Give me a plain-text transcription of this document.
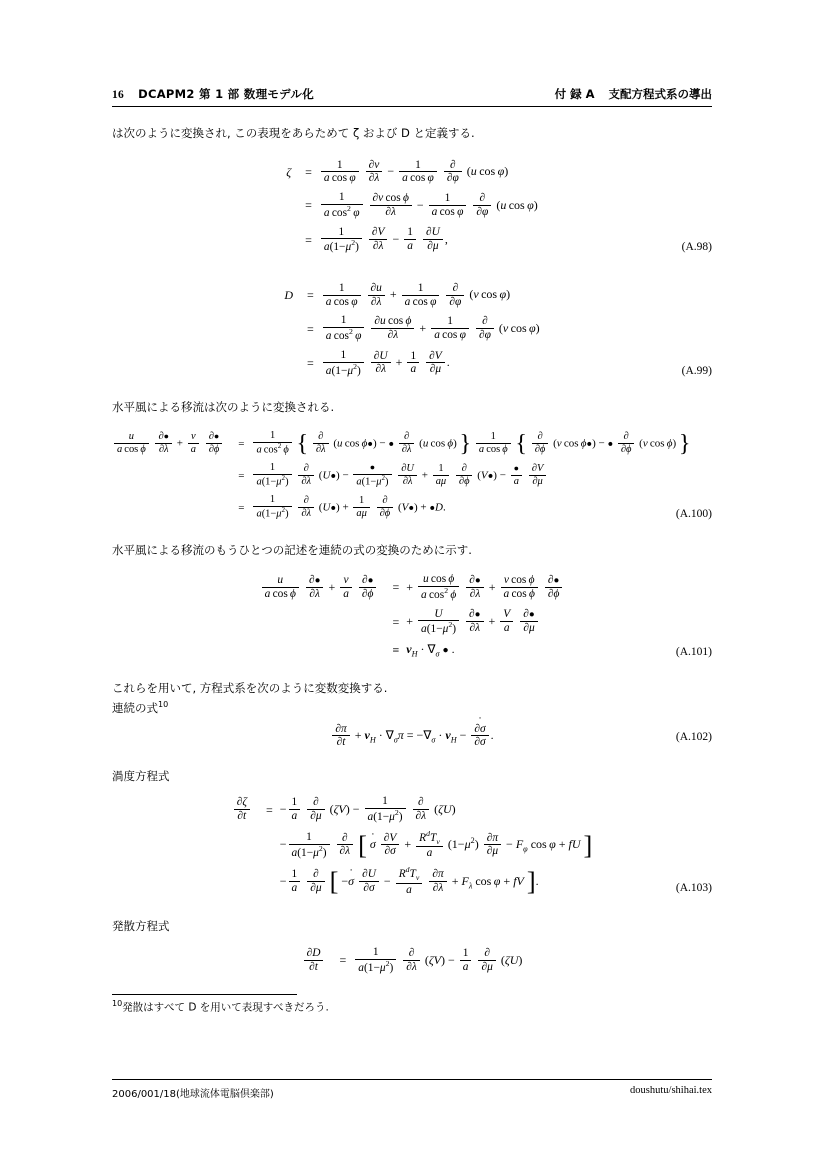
16 DCAPM2 第 1 部 数理モデル化	付 録 A 支配方程式系の導出
は次のように変換され, この表現をあらためて ζ および D と定義する.
ζ	=	$\frac{1}{\text{a cos φ}}$
$\frac{\partial v}{\partial\lambda} - \frac{1}{\text{a cos φ}}$
$\frac{\partial}{\partial\varphi} (u$ cos φ)
	=	$\frac{1}{a \cos^2 \varphi}$
$\frac{\text{∂v cos ϕ}}{\partial\lambda} - \frac{1}{\text{a cos φ}}$
$\frac{\partial}{\partial\varphi} (u$ cos φ)
	=	$\frac{1}{a(1-\mu^2)}$
$\frac{\partial V}{\partial\lambda} - \frac{1}{a}$
$\frac{\partial U}{\partial\mu}$ ,
(A.98)
D	=	$\frac{1}{\text{a cos φ}}$
$\frac{\partial u}{\partial\lambda} + \frac{1}{\text{a cos φ}}$
$\frac{\partial}{\partial\varphi} (v$ cos φ)
	=	$\frac{1}{a \cos^2 \varphi}$
$\frac{\text{∂u cos ϕ}}{\partial\lambda} + \frac{1}{\text{a cos φ}}$
$\frac{\partial}{\partial\varphi} (v$ cos φ)
	=	$\frac{1}{a(1-\mu^2)}$
$\frac{\partial U}{\partial\lambda} + \frac{1}{a}$
$\frac{\partial V}{\partial\mu}$ .
(A.99)
水平風による移流は次のように変換される.
$\frac{u}{\text{a cos ϕ}}$
$\frac{\partial●}{\partial\lambda} + \frac{v}{a}$
$\frac{\partial●}{\partial\phi}$	=	$\frac{1}{a \cos^2 \phi}$ { $\frac{\partial}{\partial\lambda} (u$ cos ϕ●) − ● $\frac{\partial}{\partial\lambda} (u$ cos ϕ) } $\frac{1}{\text{a cos ϕ}}$ { $\frac{\partial}{\partial\phi} (v$ cos ϕ●) − ● $\frac{\partial}{\partial\phi} (v$ cos ϕ) }
	=	$\frac{1}{a(1-\mu^2)}$
$\frac{\partial}{\partial\lambda}$ (U●) − $\frac{●}{a(1-\mu^2)}$
$\frac{\partial U}{\partial\lambda} + \frac{1}{a\mu}$
$\frac{\partial}{\partial\phi}$ (V●) − $\frac{●}{a}$
$\frac{\partial V}{\partial\mu}$

	=	$\frac{1}{a(1-\mu^2)}$
$\frac{\partial}{\partial\lambda}$ (U●) + $\frac{1}{a\mu}$
$\frac{\partial}{\partial\phi}$ (V●) + ●D.
(A.100)
水平風による移流のもうひとつの記述を連続の式の変換のために示す.
$\frac{u}{\text{a cos ϕ}}$
$\frac{\partial●}{\partial\lambda} + \frac{v}{a}$
$\frac{\partial●}{\partial\phi}$	=	+ $\frac{\text{u cos ϕ}}{a \cos^2 \phi}$
$\frac{\partial●}{\partial\lambda} + \frac{\text{v cos ϕ}}{\text{a cos ϕ}}$
$\frac{\partial●}{\partial\phi}$

	=	+ $\frac{U}{a(1-\mu^2)}$
$\frac{\partial●}{\partial\lambda} + \frac{V}{a}$
$\frac{\partial●}{\partial\mu}$

	≡	$v_H \cdot \nabla_\sigma$ ● .	(A.101)
これらを用いて, 方程式系を次のように変数変換する.
連続の式$^{10}$
$\frac{\partial\pi}{\partial t} + v_H \cdot \nabla_\sigma\pi = -\nabla_\sigma \cdot v_H - \frac{\partial\sigma ˙}{\partial\sigma}$ .	(A.102)
渦度方程式
$\frac{\partial\zeta}{\partial t}$	=	− $\frac{1}{a}$
$\frac{\partial}{\partial\mu} (\zeta V) - \frac{1}{a(1-\mu^2)}$
$\frac{\partial}{\partial\lambda} (\zeta U)$
		− $\frac{1}{a(1-\mu^2)}$
$\frac{\partial}{\partial\lambda}$ [ σ ˙ $\frac{\partial V}{\partial\sigma} + \frac{R^dT_v}{a} (1-\mu^2) \frac{\partial\pi}{\partial\mu} - F_\varphi$ cos φ + fU ]
		− $\frac{1}{a}$
$\frac{\partial}{\partial\mu}$ [ −σ ˙ $\frac{\partial U}{\partial\sigma} - \frac{R^dT_v}{a}$
$\frac{\partial\pi}{\partial\lambda} + F_\lambda$ cos φ + fV ].
(A.103)
発散方程式
$\frac{\partial D}{\partial t}$	=	$\frac{1}{a(1-\mu^2)}$
$\frac{\partial}{\partial\lambda} (\zeta V) - \frac{1}{a}$
$\frac{\partial}{\partial\mu} (\zeta U)$
$^{10}$発散はすべて D を用いて表現すべきだろう.
2006/001/18(地球流体電脳倶楽部)	doushutu/shihai.tex
